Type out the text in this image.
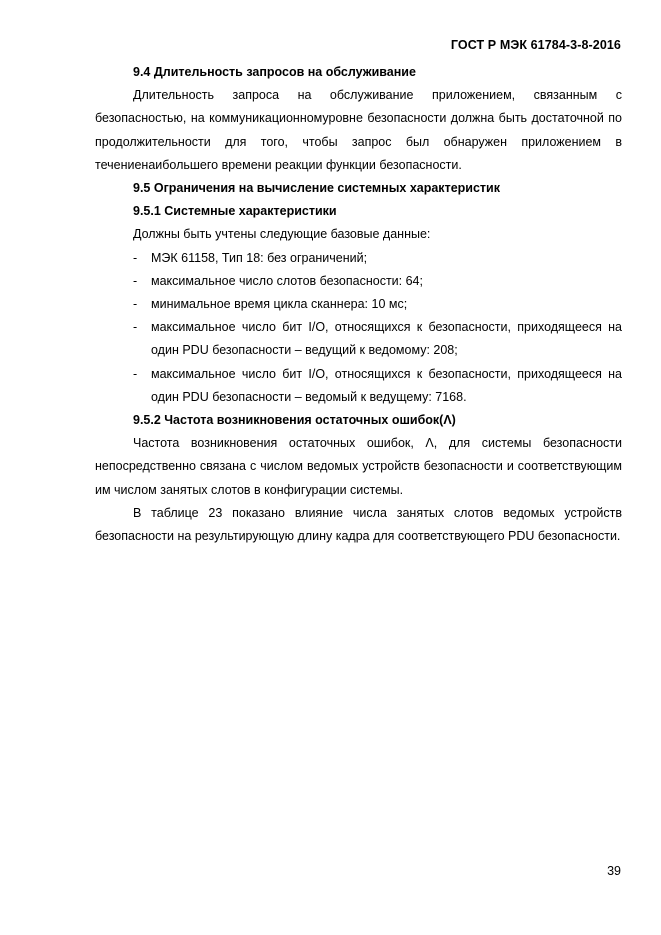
ГОСТ Р МЭК 61784-3-8-2016

9.4 Длительность запросов на обслуживание

Длительность запроса на обслуживание приложением, связанным с безопасностью, на коммуникационномуровне безопасности должна быть достаточной по продолжительности для того, чтобы запрос был обнаружен приложением в течениенаибольшего времени реакции функции безопасности.

9.5 Ограничения на вычисление системных характеристик

9.5.1 Системные характеристики

Должны быть учтены следующие базовые данные:

- МЭК 61158, Тип 18: без ограничений;
- максимальное число слотов безопасности: 64;
- минимальное время цикла сканнера: 10 мс;
- максимальное число бит I/O, относящихся к безопасности, приходящееся на один PDU безопасности – ведущий к ведомому: 208;
- максимальное число бит I/O, относящихся к безопасности, приходящееся на один PDU безопасности – ведомый к ведущему: 7168.

9.5.2 Частота возникновения остаточных ошибок(Λ)

Частота возникновения остаточных ошибок, Λ, для системы безопасности непосредственно связана с числом ведомых устройств безопасности и соответствующим им числом занятых слотов в конфигурации системы.

В таблице 23 показано влияние числа занятых слотов ведомых устройств безопасности на результирующую длину кадра для соответствующего PDU безопасности.

39
